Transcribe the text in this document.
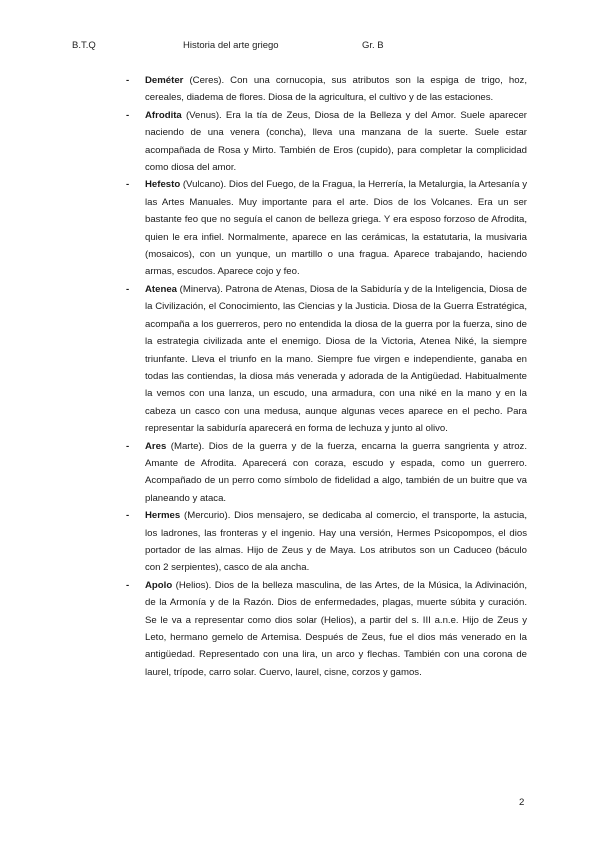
B.T.Q	Historia del arte griego	Gr. B

- Deméter (Ceres). Con una cornucopia, sus atributos son la espiga de trigo, hoz, cereales, diadema de flores. Diosa de la agricultura, el cultivo y de las estaciones.

- Afrodita (Venus). Era la tía de Zeus, Diosa de la Belleza y del Amor. Suele aparecer naciendo de una venera (concha), lleva una manzana de la suerte. Suele estar acompañada de Rosa y Mirto. También de Eros (cupido), para completar la complicidad como diosa del amor.

- Hefesto (Vulcano). Dios del Fuego, de la Fragua, la Herrería, la Metalurgia, la Artesanía y las Artes Manuales. Muy importante para el arte. Dios de los Volcanes. Era un ser bastante feo que no seguía el canon de belleza griega. Y era esposo forzoso de Afrodita, quien le era infiel. Normalmente, aparece en las cerámicas, la estatutaria, la musivaria (mosaicos), con un yunque, un martillo o una fragua. Aparece trabajando, haciendo armas, escudos. Aparece cojo y feo.

- Atenea (Minerva). Patrona de Atenas, Diosa de la Sabiduría y de la Inteligencia, Diosa de la Civilización, el Conocimiento, las Ciencias y la Justicia. Diosa de la Guerra Estratégica, acompaña a los guerreros, pero no entendida la diosa de la guerra por la fuerza, sino de la estrategia civilizada ante el enemigo. Diosa de la Victoria, Atenea Niké, la siempre triunfante. Lleva el triunfo en la mano. Siempre fue virgen e independiente, ganaba en todas las contiendas, la diosa más venerada y adorada de la Antigüedad. Habitualmente la vemos con una lanza, un escudo, una armadura, con una niké en la mano y en la cabeza un casco con una medusa, aunque algunas veces aparece en el pecho. Para representar la sabiduría aparecerá en forma de lechuza y junto al olivo.

- Ares (Marte). Dios de la guerra y de la fuerza, encarna la guerra sangrienta y atroz. Amante de Afrodita. Aparecerá con coraza, escudo y espada, como un guerrero. Acompañado de un perro como símbolo de fidelidad a algo, también de un buitre que va planeando y ataca.

- Hermes (Mercurio). Dios mensajero, se dedicaba al comercio, el transporte, la astucia, los ladrones, las fronteras y el ingenio. Hay una versión, Hermes Psicopompos, el dios portador de las almas. Hijo de Zeus y de Maya. Los atributos son un Caduceo (báculo con 2 serpientes), casco de ala ancha.

- Apolo (Helios). Dios de la belleza masculina, de las Artes, de la Música, la Adivinación, de la Armonía y de la Razón. Dios de enfermedades, plagas, muerte súbita y curación. Se le va a representar como dios solar (Helios), a partir del s. III a.n.e. Hijo de Zeus y Leto, hermano gemelo de Artemisa. Después de Zeus, fue el dios más venerado en la antigüedad. Representado con una lira, un arco y flechas. También con una corona de laurel, trípode, carro solar. Cuervo, laurel, cisne, corzos y gamos.

2
